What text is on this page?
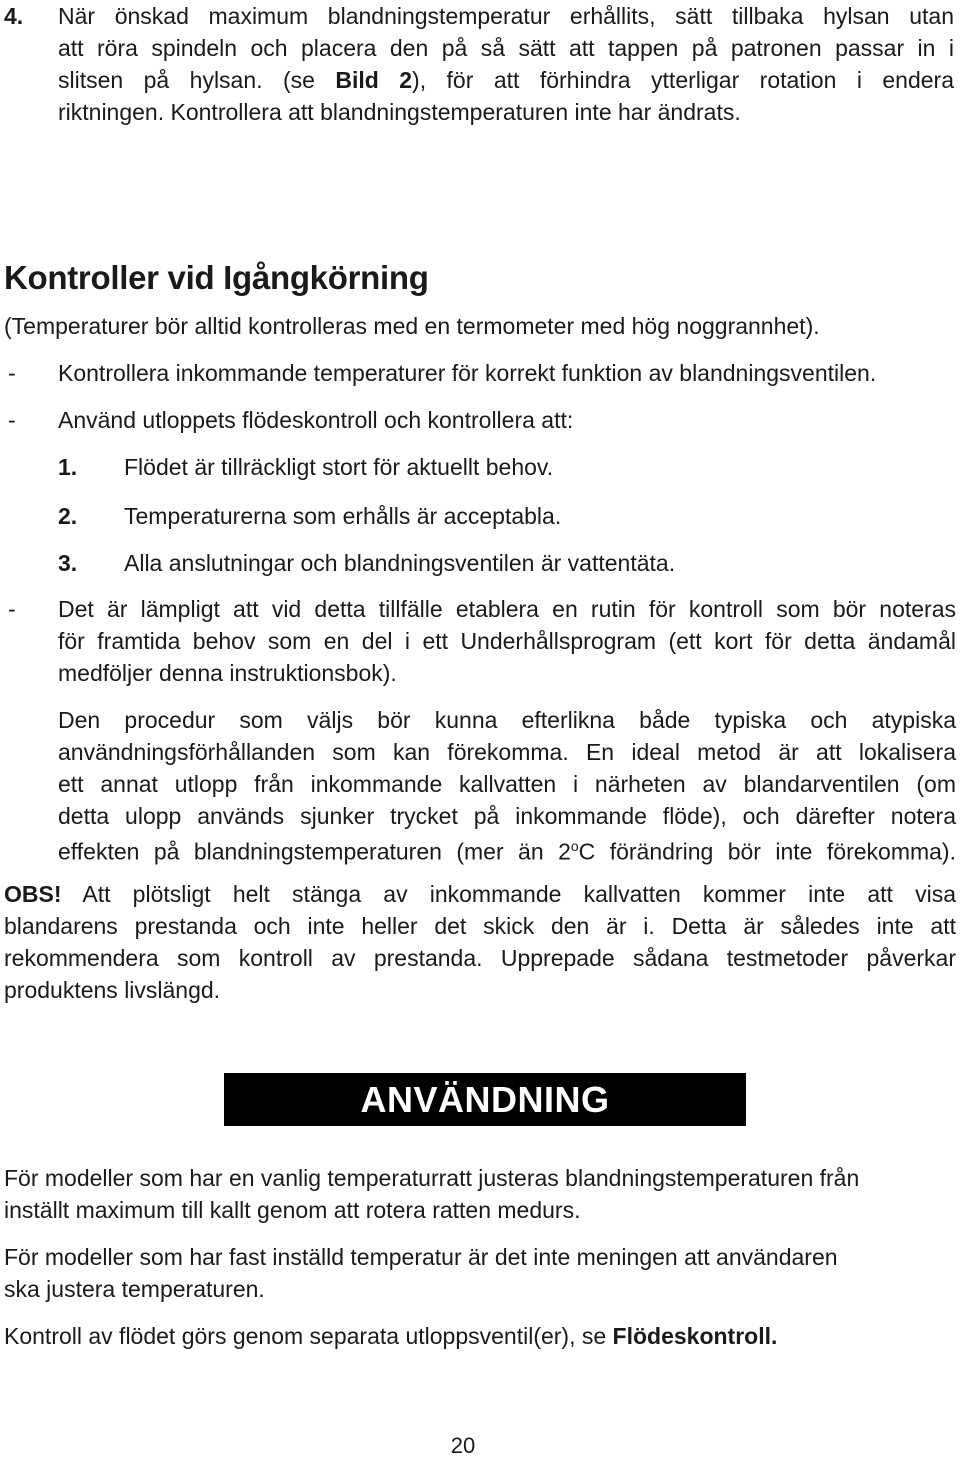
4. När önskad maximum blandningstemperatur erhållits, sätt tillbaka hylsan utan
att röra spindeln och placera den på så sätt att tappen på patronen passar in i
slitsen på hylsan. (se Bild 2), för att förhindra ytterligar rotation i endera
riktningen. Kontrollera att blandningstemperaturen inte har ändrats.
Kontroller vid Igångkörning
(Temperaturer bör alltid kontrolleras med en termometer med hög noggrannhet).
- Kontrollera inkommande temperaturer för korrekt funktion av blandningsventilen.
- Använd utloppets flödeskontroll och kontrollera att:
1. Flödet är tillräckligt stort för aktuellt behov.
2. Temperaturerna som erhålls är acceptabla.
3. Alla anslutningar och blandningsventilen är vattentäta.
- Det är lämpligt att vid detta tillfälle etablera en rutin för kontroll som bör noteras
för framtida behov som en del i ett Underhållsprogram (ett kort för detta ändamål
medföljer denna instruktionsbok).
Den procedur som väljs bör kunna efterlikna både typiska och atypiska
användningsförhållanden som kan förekomma. En ideal metod är att lokalisera
ett annat utlopp från inkommande kallvatten i närheten av blandarventilen (om
detta ulopp används sjunker trycket på inkommande flöde), och därefter notera
effekten på blandningstemperaturen (mer än 2$^o$C förändring bör inte förekomma).
OBS! Att plötsligt helt stänga av inkommande kallvatten kommer inte att visa
blandarens prestanda och inte heller det skick den är i. Detta är således inte att
rekommendera som kontroll av prestanda. Upprepade sådana testmetoder påverkar
produktens livslängd.
ANVÄNDNING
För modeller som har en vanlig temperaturratt justeras blandningstemperaturen från
inställt maximum till kallt genom att rotera ratten medurs.
För modeller som har fast inställd temperatur är det inte meningen att användaren
ska justera temperaturen.
Kontroll av flödet görs genom separata utloppsventil(er), se Flödeskontroll.
20
